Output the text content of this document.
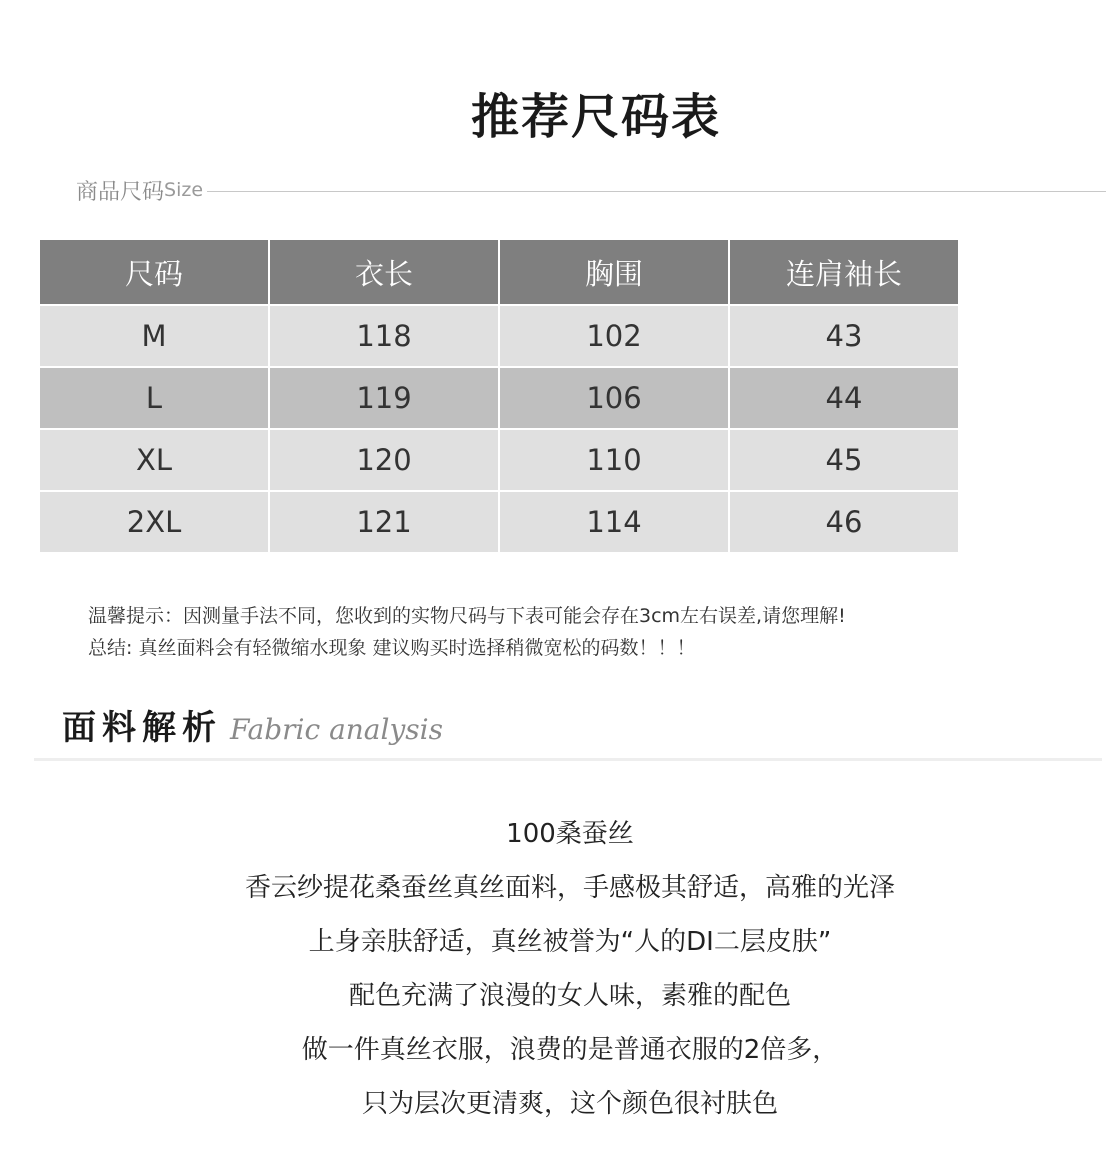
推荐尺码表
商品尺码 Size
尺码	衣长	胸围	连肩袖长
M	118	102	43
L	119	106	44
XL	120	110	45
2XL	121	114	46
温馨提示：因测量手法不同，您收到的实物尺码与下表可能会存在3cm左右误差,请您理解!
总结: 真丝面料会有轻微缩水现象 建议购买时选择稍微宽松的码数！！！
面料解析 Fabric analysis
100桑蚕丝
香云纱提花桑蚕丝真丝面料，手感极其舒适，高雅的光泽
上身亲肤舒适，真丝被誉为“人的DI二层皮肤”
配色充满了浪漫的女人味，素雅的配色
做一件真丝衣服，浪费的是普通衣服的2倍多，
只为层次更清爽，这个颜色很衬肤色
